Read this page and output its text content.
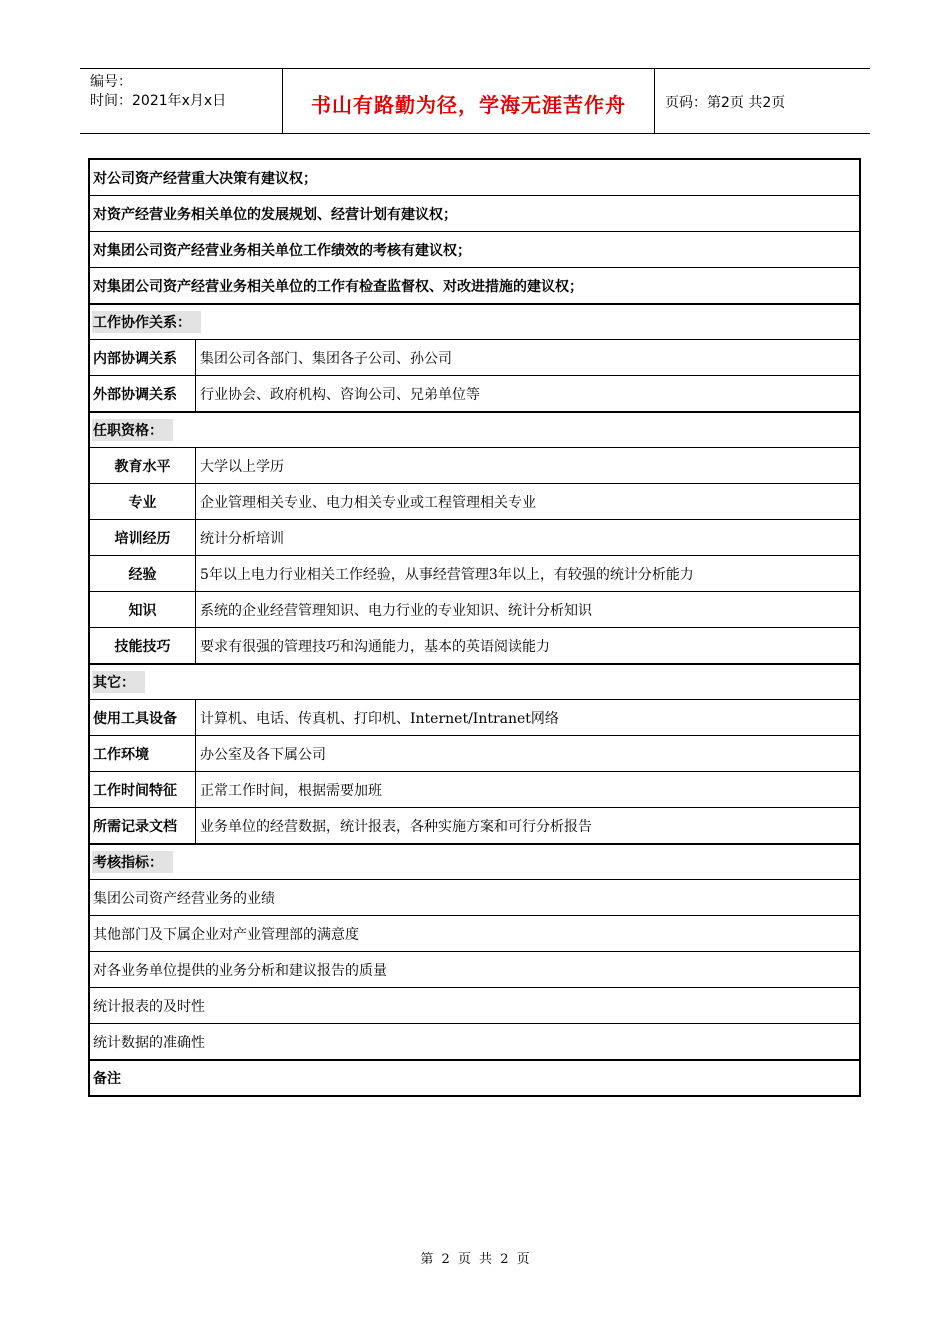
编号：
时间：2021年x月x日	书山有路勤为径，学海无涯苦作舟	页码：第2页 共2页
对公司资产经营重大决策有建议权；
对资产经营业务相关单位的发展规划、经营计划有建议权；
对集团公司资产经营业务相关单位工作绩效的考核有建议权；
对集团公司资产经营业务相关单位的工作有检查监督权、对改进措施的建议权；
工作协作关系：
内部协调关系	集团公司各部门、集团各子公司、孙公司
外部协调关系	行业协会、政府机构、咨询公司、兄弟单位等
任职资格：
教育水平	大学以上学历
专业	企业管理相关专业、电力相关专业或工程管理相关专业
培训经历	统计分析培训
经验	5年以上电力行业相关工作经验，从事经营管理3年以上，有较强的统计分析能力
知识	系统的企业经营管理知识、电力行业的专业知识、统计分析知识
技能技巧	要求有很强的管理技巧和沟通能力，基本的英语阅读能力
其它：
使用工具设备	计算机、电话、传真机、打印机、Internet/Intranet网络
工作环境	办公室及各下属公司
工作时间特征	正常工作时间，根据需要加班
所需记录文档	业务单位的经营数据，统计报表，各种实施方案和可行分析报告
考核指标：
集团公司资产经营业务的业绩
其他部门及下属企业对产业管理部的满意度
对各业务单位提供的业务分析和建议报告的质量
统计报表的及时性
统计数据的准确性
备注
第 2 页 共 2 页
